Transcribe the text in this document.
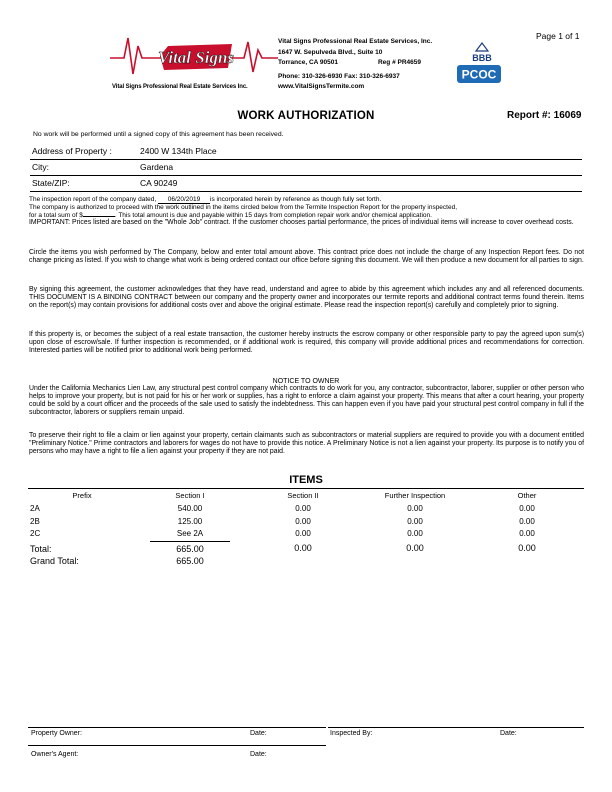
Page 1 of 1
Vital Signs
Vital Signs Professional Real Estate Services Inc.
Vital Signs Professional Real Estate Services, Inc.
1647 W. Sepulveda Blvd., Suite 10
Torrance, CA 90501	Reg # PR4659
Phone: 310-326-6930 Fax: 310-326-6937
www.VitalSignsTermite.com
BBB
PCOC
WORK AUTHORIZATION	Report #: 16069
No work will be performed until a signed copy of this agreement has been received.
Address of Property :	2400 W 134th Place
City:	Gardena
State/ZIP:	CA 90249
The inspection report of the company dated, 06/20/2019 is incorporated herein by reference as though fully set forth.
The company is authorized to proceed with the work outlined in the items circled below from the Termite Inspection Report for the property inspected,
for a total sum of $	. This total amount is due and payable within 15 days from completion repair work and/or chemical application.
IMPORTANT: Prices listed are based on the "Whole Job" contract. If the customer chooses partial performance, the prices of individual items will increase to cover overhead costs.
Circle the items you wish performed by The Company, below and enter total amount above. This contract price does not include the charge of any Inspection Report fees. Do not change pricing as listed. If you wish to change what work is being ordered contact our office before signing this document. We will then produce a new document for all parties to sign.
By signing this agreement, the customer acknowledges that they have read, understand and agree to abide by this agreement which includes any and all referenced documents. THIS DOCUMENT IS A BINDING CONTRACT between our company and the property owner and incorporates our termite reports and additional contract terms found therein. Items on the report(s) may contain provisions for additional costs over and above the original estimate. Please read the inspection report(s) carefully and completely prior to signing.
If this property is, or becomes the subject of a real estate transaction, the customer hereby instructs the escrow company or other responsible party to pay the agreed upon sum(s) upon close of escrow/sale. If further inspection is recommended, or if additional work is required, this company will provide additional prices and recommendations for correction. Interested parties will be notified prior to additional work being performed.
NOTICE TO OWNER
Under the California Mechanics Lien Law, any structural pest control company which contracts to do work for you, any contractor, subcontractor, laborer, supplier or other person who helps to improve your property, but is not paid for his or her work or supplies, has a right to enforce a claim against your property. This means that after a court hearing, your property could be sold by a court officer and the proceeds of the sale used to satisfy the indebtedness. This can happen even if you have paid your structural pest control company in full if the subcontractor, laborers or suppliers remain unpaid.
To preserve their right to file a claim or lien against your property, certain claimants such as subcontractors or material suppliers are required to provide you with a document entitled "Preliminary Notice." Prime contractors and laborers for wages do not have to provide this notice. A Preliminary Notice is not a lien against your property. Its purpose is to notify you of persons who may have a right to file a lien against your property if they are not paid.
ITEMS
Prefix	Section I	Section II	Further Inspection	Other
2A	540.00	0.00	0.00	0.00
2B	125.00	0.00	0.00	0.00
2C	See 2A	0.00	0.00	0.00
Total:	665.00	0.00	0.00	0.00
Grand Total:	665.00
Property Owner:	Date:	Inspected By:	Date:
Owner's Agent:	Date:
